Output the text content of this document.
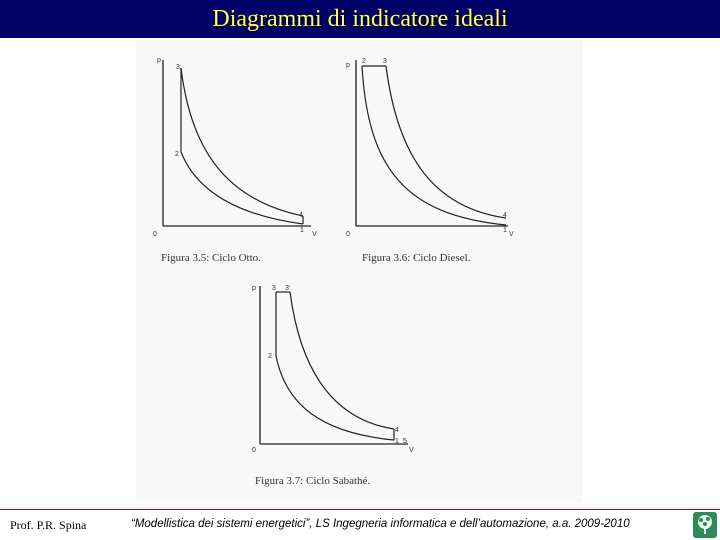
Diagrammi di indicatore ideali
p
V
0
3
2
4
1
Figura 3.5: Ciclo Otto.
p
V
0
2 3
4
1
Figura 3.6: Ciclo Diesel.
p
V
0
3 3'
2
4
1 5
Figura 3.7: Ciclo Sabathé.
Prof. P.R. Spina	“Modellistica dei sistemi energetici”, LS Ingegneria informatica e dell’automazione, a.a. 2009-2010
